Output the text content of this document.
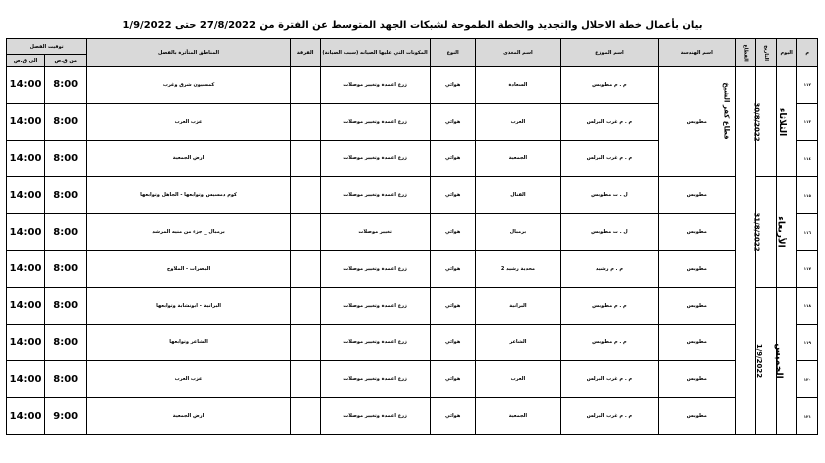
بيان بأعمال خطة الاحلال والتجديد والخطة الطموحة لشبكات الجهد المتوسط عن الفترة من 27/8/2022 حتى 1/9/2022
م	اليوم	التاريخ	القطاع	اسم الهندسة	اسم الموزع	اسم المغذى	النوع	المكونات التي عليها الصيانه (سبب الصيانة)	الفرقة	المناطق المتأثرة بالفصل	توقيت الفصل	
											من ق.ص	الى ق.ص
١١٢	الثلاثاء	30/8/2022	قطاع كفر الشيخ	مطوبس	م . م مطوبس	السعادة	هوائي	زرع اعمدة وتغيير موصلات		كمسيون شرق وغرب	8:00	14:00
١١٣					م . م غرب البرلس	العرب	هوائي	زرع اعمدة وتغيير موصلات		عزب العرب	8:00	14:00
١١٤					م . م غرب البرلس	الجمعية	هوائي	زرع اعمدة وتغيير موصلات		ارض الجمعية	8:00	14:00
١١٥	الأربعاء	31/8/2022		مطوبس	ل . ت مطوبس	القنال	هوائي	زرع اعمدة وتغيير موصلات		كوم دمسيس وتوابعها - الجاهل وتوابعها	8:00	14:00
١١٦				مطوبس	ل . ت مطوبس	برمبال	هوائي	تغيير موصلات		برمبال _ جزء من منيه المرشد	8:00	14:00
١١٧				مطوبس	م . م رشيد	محدية رشيد 2	هوائي	زرع اعمدة وتغيير موصلات		البصرات - الملاوح	8:00	14:00
١١٨	الخميس	1/9/2022		مطوبس	م . م مطوبس	البرانية	هوائي	زرع اعمدة وتغيير موصلات		البرانية - ابونشابة وتوابعها	8:00	14:00
١١٩				مطوبس	م . م مطوبس	الشاعر	هوائي	زرع اعمدة وتغيير موصلات		الشاعر وتوابعها	8:00	14:00
١٢٠				مطوبس	م . م غرب البرلس	العرب	هوائي	زرع اعمدة وتغيير موصلات		عزب العرب	8:00	14:00
١٢١				مطوبس	م . م غرب البرلس	الجمعية	هوائي	زرع اعمدة وتغيير موصلات		ارض الجمعية	9:00	14:00
